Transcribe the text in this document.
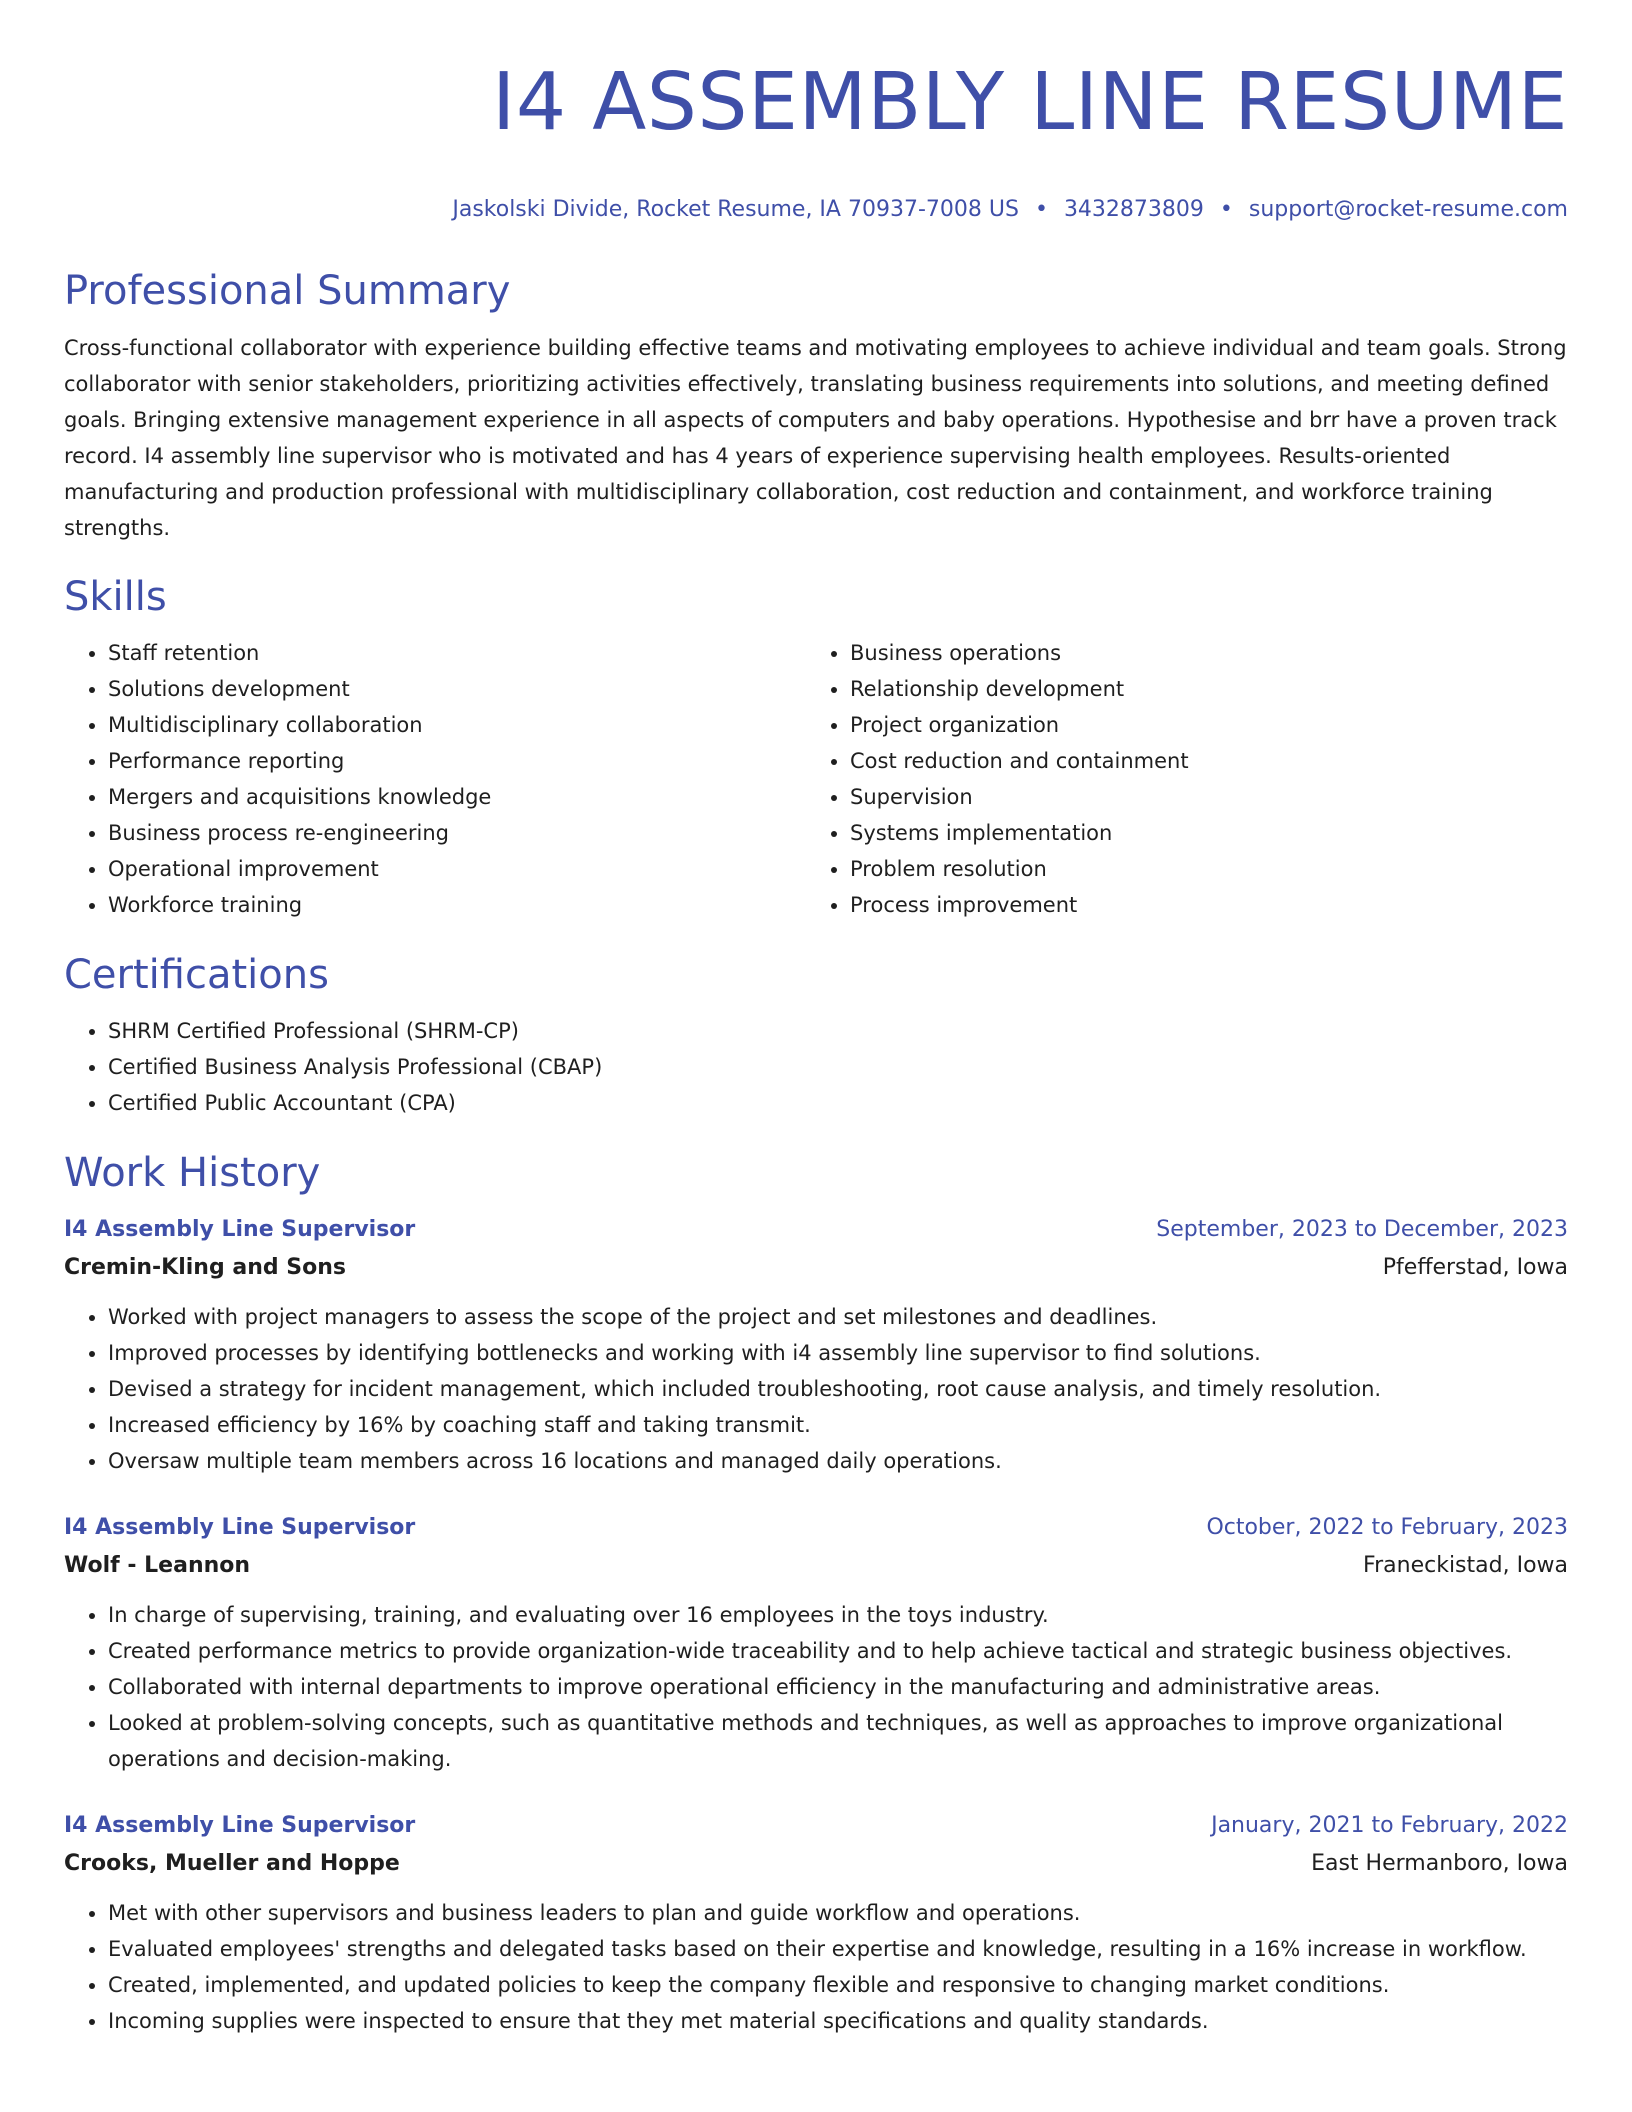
I4 ASSEMBLY LINE RESUME
Jaskolski Divide, Rocket Resume, IA 70937-7008 US • 3432873809 • support@rocket-resume.com
Professional Summary

Cross-functional collaborator with experience building effective teams and motivating employees to achieve individual and team goals. Strong collaborator with senior stakeholders, prioritizing activities effectively, translating business requirements into solutions, and meeting defined goals. Bringing extensive management experience in all aspects of computers and baby operations. Hypothesise and brr have a proven track record. I4 assembly line supervisor who is motivated and has 4 years of experience supervising health employees. Results-oriented manufacturing and production professional with multidisciplinary collaboration, cost reduction and containment, and workforce training strengths.

Skills
• Staff retention
• Solutions development
• Multidisciplinary collaboration
• Performance reporting
• Mergers and acquisitions knowledge
• Business process re-engineering
• Operational improvement
• Workforce training
• Business operations
• Relationship development
• Project organization
• Cost reduction and containment
• Supervision
• Systems implementation
• Problem resolution
• Process improvement
Certifications
• SHRM Certified Professional (SHRM-CP)
• Certified Business Analysis Professional (CBAP)
• Certified Public Accountant (CPA)
Work History
I4 Assembly Line Supervisor	September, 2023 to December, 2023
Cremin-Kling and Sons	Pfefferstad, Iowa
• Worked with project managers to assess the scope of the project and set milestones and deadlines.
• Improved processes by identifying bottlenecks and working with i4 assembly line supervisor to find solutions.
• Devised a strategy for incident management, which included troubleshooting, root cause analysis, and timely resolution.
• Increased efficiency by 16% by coaching staff and taking transmit.
• Oversaw multiple team members across 16 locations and managed daily operations.
I4 Assembly Line Supervisor	October, 2022 to February, 2023
Wolf - Leannon	Franeckistad, Iowa
• In charge of supervising, training, and evaluating over 16 employees in the toys industry.
• Created performance metrics to provide organization-wide traceability and to help achieve tactical and strategic business objectives.
• Collaborated with internal departments to improve operational efficiency in the manufacturing and administrative areas.
• Looked at problem-solving concepts, such as quantitative methods and techniques, as well as approaches to improve organizational operations and decision-making.
I4 Assembly Line Supervisor	January, 2021 to February, 2022
Crooks, Mueller and Hoppe	East Hermanboro, Iowa
• Met with other supervisors and business leaders to plan and guide workflow and operations.
• Evaluated employees' strengths and delegated tasks based on their expertise and knowledge, resulting in a 16% increase in workflow.
• Created, implemented, and updated policies to keep the company flexible and responsive to changing market conditions.
• Incoming supplies were inspected to ensure that they met material specifications and quality standards.
